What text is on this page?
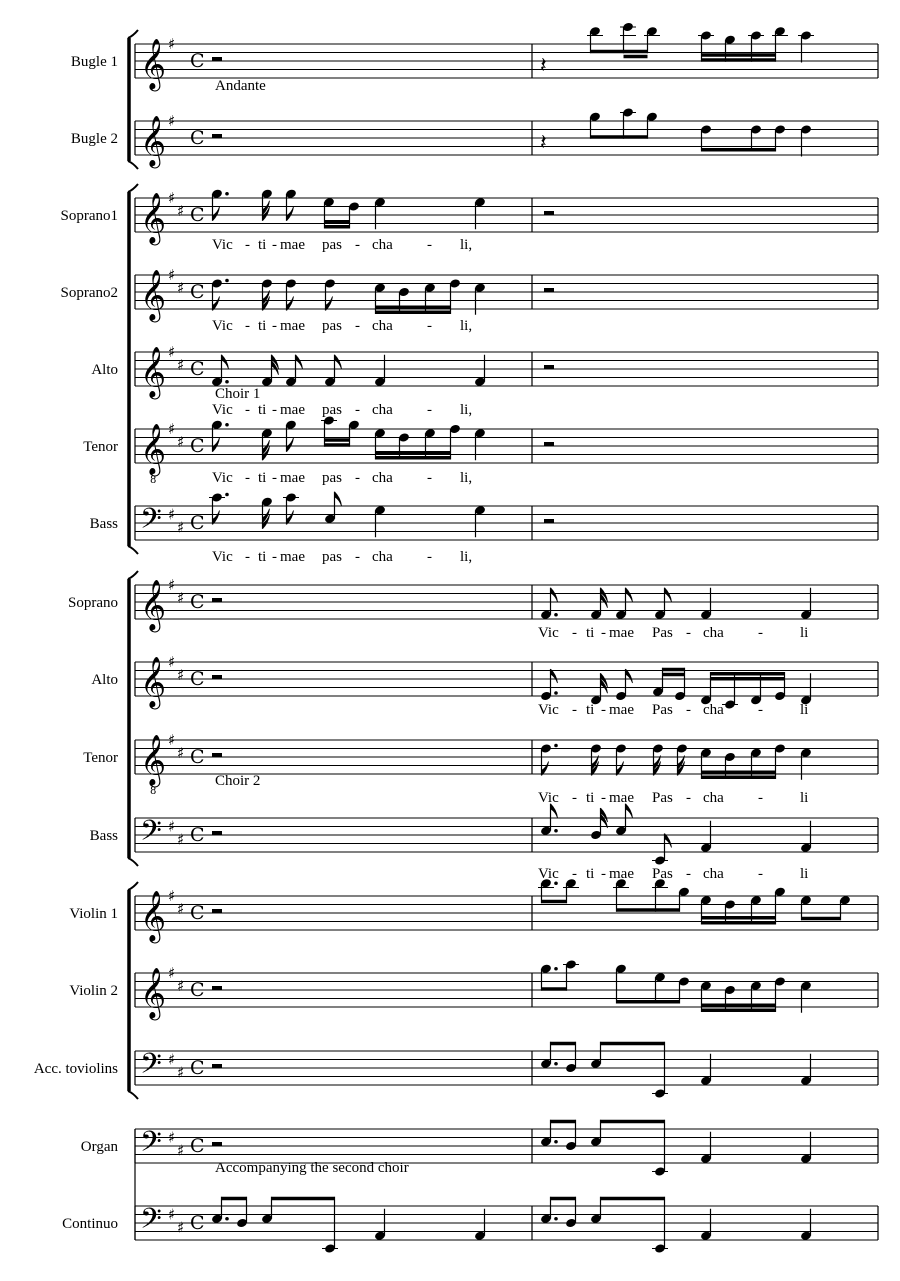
Bugle 1 𝄞 ♯
C
Bugle 2 𝄞 ♯
C
Soprano1 𝄞 ♯
♯ C
Soprano2 𝄞 ♯
♯ C
Alto 𝄞 ♯
♯ C
Tenor 𝄞
8
♯
♯ C
Bass 𝄢 ♯
♯ C
Soprano 𝄞 ♯
♯ C
Alto 𝄞 ♯
♯ C
Tenor 𝄞
8
♯
♯ C
Bass 𝄢 ♯
♯ C
Violin 1 𝄞 ♯
♯ C
Violin 2 𝄞 ♯
♯ C
Acc. toviolins 𝄢 ♯
♯ C
Organ 𝄢 ♯
♯ C
Continuo 𝄢 ♯
♯ C
𝄽
𝄽
Vic - ti - mae pas - cha - li,
Vic - ti - mae pas - cha - li,
Vic - ti - mae pas - cha - li,
Vic - ti - mae pas - cha - li,
Vic - ti - mae pas - cha - li,
Vic - ti - mae Pas - cha - li
Vic - ti - mae Pas - cha - li
Vic - ti - mae Pas - cha - li
Vic - ti - mae Pas - cha - li
Andante
Choir 1
Choir 2
Accompanying the second choir
